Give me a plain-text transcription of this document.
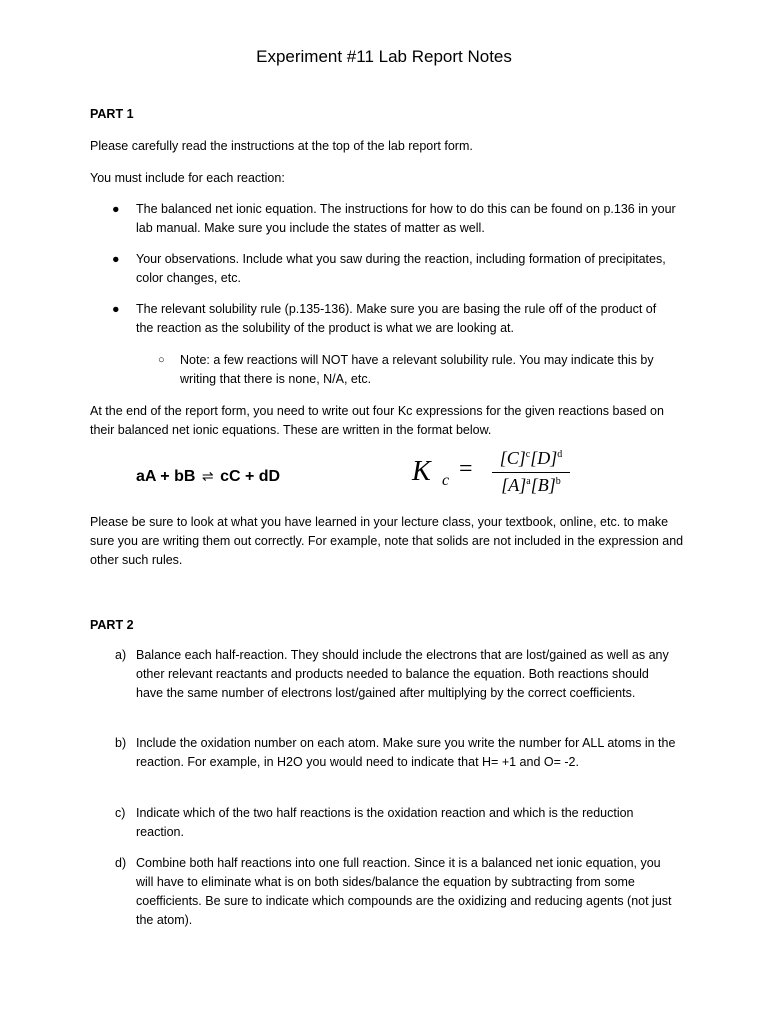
Experiment #11 Lab Report Notes
PART 1
Please carefully read the instructions at the top of the lab report form.
You must include for each reaction:
● The balanced net ionic equation. The instructions for how to do this can be found on p.136 in your lab manual. Make sure you include the states of matter as well.
● Your observations. Include what you saw during the reaction, including formation of precipitates, color changes, etc.
● The relevant solubility rule (p.135-136). Make sure you are basing the rule off of the product of the reaction as the solubility of the product is what we are looking at.
○ Note: a few reactions will NOT have a relevant solubility rule. You may indicate this by writing that there is none, N/A, etc.
At the end of the report form, you need to write out four Kc expressions for the given reactions based on their balanced net ionic equations. These are written in the format below.
aA + bB ⇌ cC + dD	K c =	$[C]^c[D]^d$
$[A]^a[B]^b$
Please be sure to look at what you have learned in your lecture class, your textbook, online, etc. to make sure you are writing them out correctly. For example, note that solids are not included in the expression and other such rules.
PART 2
a) Balance each half-reaction. They should include the electrons that are lost/gained as well as any other relevant reactants and products needed to balance the equation. Both reactions should have the same number of electrons lost/gained after multiplying by the correct coefficients.
b) Include the oxidation number on each atom. Make sure you write the number for ALL atoms in the reaction. For example, in H2O you would need to indicate that H= +1 and O= -2.
c) Indicate which of the two half reactions is the oxidation reaction and which is the reduction reaction.
d) Combine both half reactions into one full reaction. Since it is a balanced net ionic equation, you will have to eliminate what is on both sides/balance the equation by subtracting from some coefficients. Be sure to indicate which compounds are the oxidizing and reducing agents (not just the atom).
